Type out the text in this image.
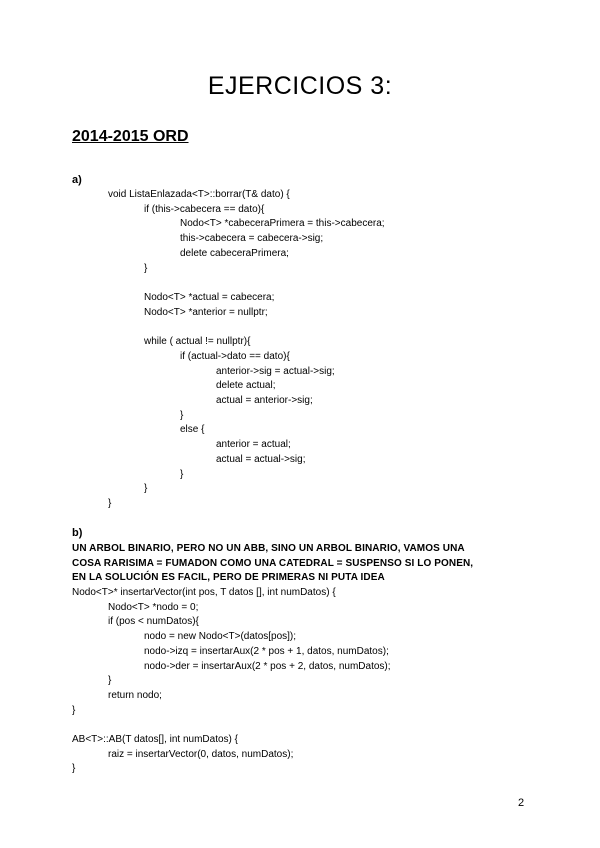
EJERCICIOS 3:
2014-2015 ORD
a)

void ListaEnlazada<T>::borrar(T& dato) {

if (this->cabecera == dato){

Nodo<T> *cabeceraPrimera = this->cabecera;

this->cabecera = cabecera->sig;

delete cabeceraPrimera;

}

Nodo<T> *actual = cabecera;

Nodo<T> *anterior = nullptr;

while ( actual != nullptr){

if (actual->dato == dato){

anterior->sig = actual->sig;

delete actual;

actual = anterior->sig;

}

else {

anterior = actual;

actual = actual->sig;

}

}

}

b)
UN ARBOL BINARIO, PERO NO UN ABB, SINO UN ARBOL BINARIO, VAMOS UNA
COSA RARISIMA = FUMADON COMO UNA CATEDRAL = SUSPENSO SI LO PONEN,
EN LA SOLUCIÓN ES FACIL, PERO DE PRIMERAS NI PUTA IDEA

Nodo<T>* insertarVector(int pos, T datos [], int numDatos) {

Nodo<T> *nodo = 0;

if (pos < numDatos){

nodo = new Nodo<T>(datos[pos]);

nodo->izq = insertarAux(2 * pos + 1, datos, numDatos);

nodo->der = insertarAux(2 * pos + 2, datos, numDatos);

}

return nodo;

}

AB<T>::AB(T datos[], int numDatos) {

raiz = insertarVector(0, datos, numDatos);

}

2
